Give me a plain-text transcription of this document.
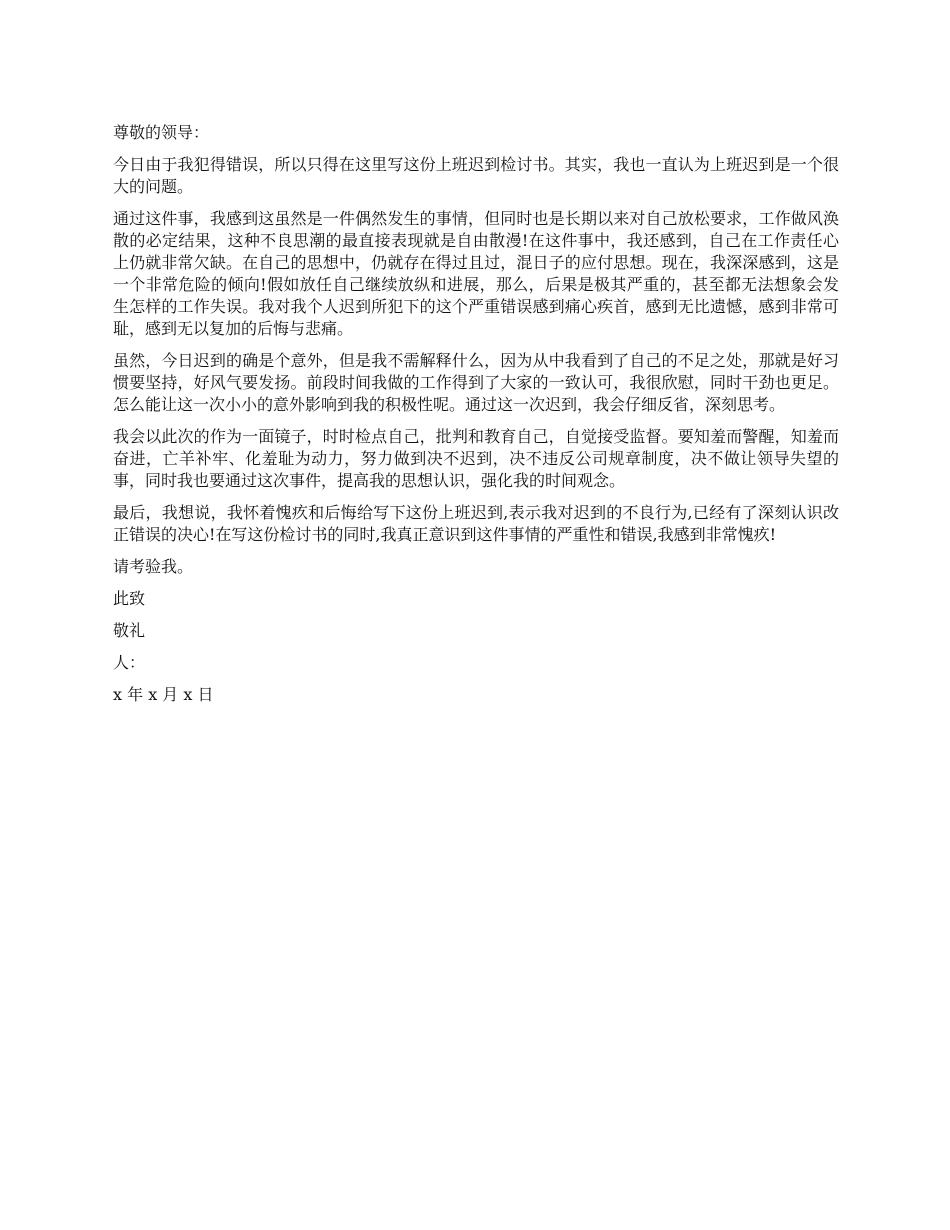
尊敬的领导：

今日由于我犯得错误，所以只得在这里写这份上班迟到检讨书。其实，我也一直认为上班迟到是一个很大的问题。

通过这件事，我感到这虽然是一件偶然发生的事情，但同时也是长期以来对自己放松要求，工作做风涣散的必定结果，这种不良思潮的最直接表现就是自由散漫!在这件事中，我还感到，自己在工作责任心上仍就非常欠缺。在自己的思想中，仍就存在得过且过，混日子的应付思想。现在，我深深感到，这是一个非常危险的倾向!假如放任自己继续放纵和进展，那么，后果是极其严重的，甚至都无法想象会发生怎样的工作失误。我对我个人迟到所犯下的这个严重错误感到痛心疾首，感到无比遗憾，感到非常可耻，感到无以复加的后悔与悲痛。

虽然，今日迟到的确是个意外，但是我不需解释什么，因为从中我看到了自己的不足之处，那就是好习惯要坚持，好风气要发扬。前段时间我做的工作得到了大家的一致认可，我很欣慰，同时干劲也更足。怎么能让这一次小小的意外影响到我的积极性呢。通过这一次迟到，我会仔细反省，深刻思考。

我会以此次的作为一面镜子，时时检点自己，批判和教育自己，自觉接受监督。要知羞而警醒，知羞而奋进，亡羊补牢、化羞耻为动力，努力做到决不迟到，决不违反公司规章制度，决不做让领导失望的事，同时我也要通过这次事件，提高我的思想认识，强化我的时间观念。

最后，我想说，我怀着愧疚和后悔给写下这份上班迟到,表示我对迟到的不良行为,已经有了深刻认识改正错误的决心!在写这份检讨书的同时,我真正意识到这件事情的严重性和错误,我感到非常愧疚!

请考验我。

此致

敬礼

人：

x 年 x 月 x 日
